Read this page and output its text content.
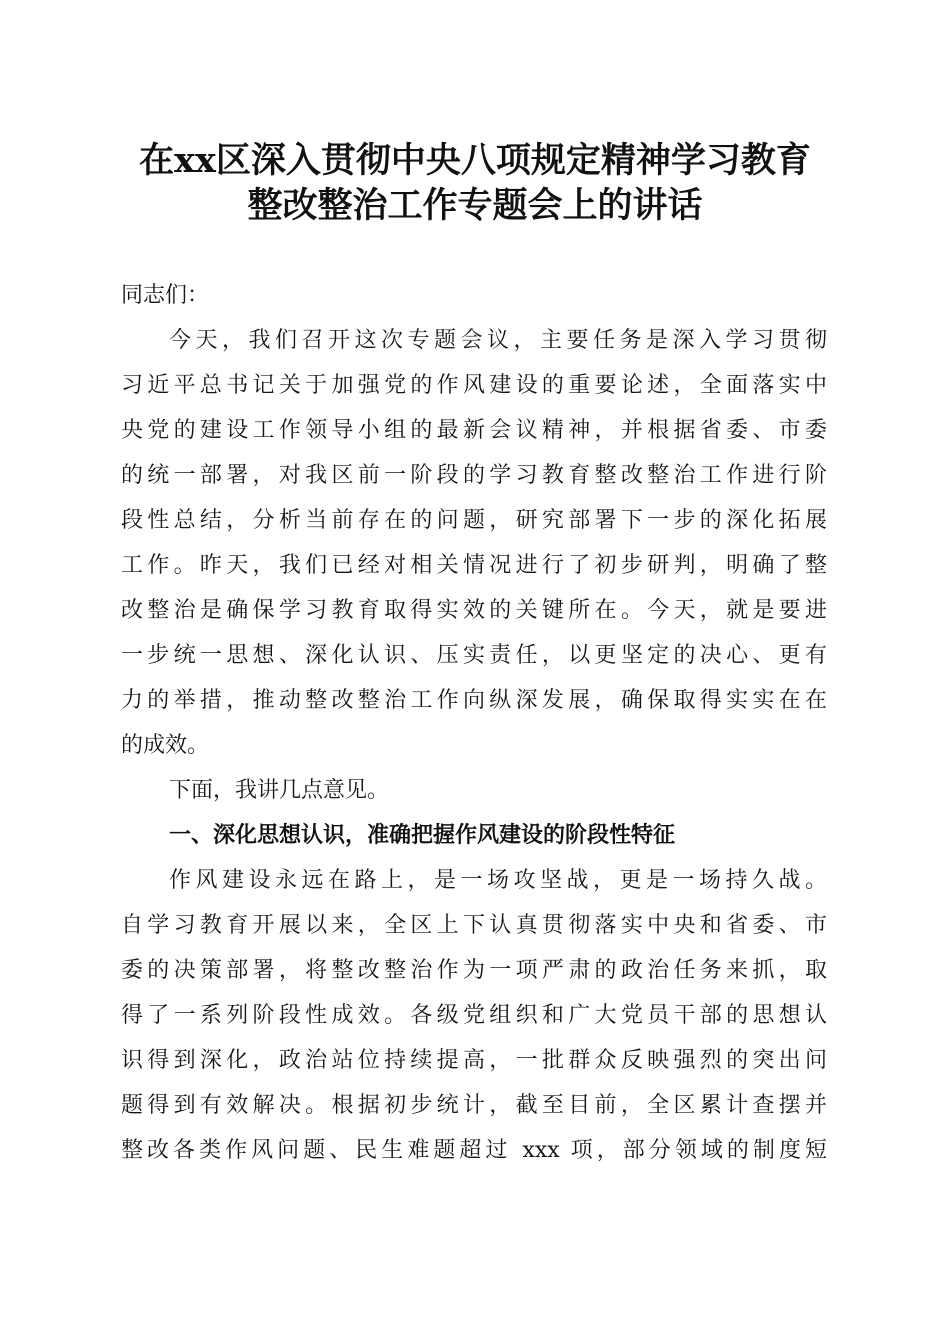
在xx区深入贯彻中央八项规定精神学习教育
整改整治工作专题会上的讲话
同志们：
今天，我们召开这次专题会议，主要任务是深入学习贯彻
习近平总书记关于加强党的作风建设的重要论述，全面落实中
央党的建设工作领导小组的最新会议精神，并根据省委、市委
的统一部署，对我区前一阶段的学习教育整改整治工作进行阶
段性总结，分析当前存在的问题，研究部署下一步的深化拓展
工作。昨天，我们已经对相关情况进行了初步研判，明确了整
改整治是确保学习教育取得实效的关键所在。今天，就是要进
一步统一思想、深化认识、压实责任，以更坚定的决心、更有
力的举措，推动整改整治工作向纵深发展，确保取得实实在在
的成效。
下面，我讲几点意见。
一、深化思想认识，准确把握作风建设的阶段性特征
作风建设永远在路上，是一场攻坚战，更是一场持久战。
自学习教育开展以来，全区上下认真贯彻落实中央和省委、市
委的决策部署，将整改整治作为一项严肃的政治任务来抓，取
得了一系列阶段性成效。各级党组织和广大党员干部的思想认
识得到深化，政治站位持续提高，一批群众反映强烈的突出问
题得到有效解决。根据初步统计，截至目前，全区累计查摆并
整改各类作风问题、民生难题超过 xxx 项，部分领域的制度短
